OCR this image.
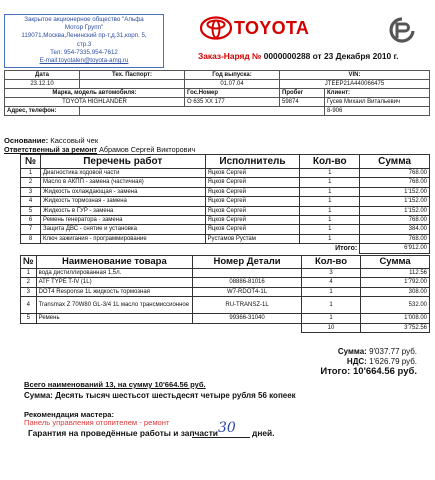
Закрытое акционерное общество "Альфа
Мотор Групп"
119071,Москва,Ленинский пр-т,д.31,корп. 5,
стр.3
Тел: 954-7335,954-7612
E-mail:toyotalen@toyota-amg.ru
TOYOTA
Заказ-Наряд № 0000000288 от 23 Декабря 2010 г.
Дата	Тех. Паспорт:	Год выпуска:	VIN:	
23.12.10		01.07.04	JTEEP21A440066475	
Марка, модель автомобиля:		Гос.Номер	Пробег	Клиент:
TOYOTA HIGHLANDER		О 635 ХХ 177	59874	Гусев Михаил Витальевич
Адрес, телефон:				8-906
Основание: Кассовый чек
Ответственный за ремонт Абрамов Сергей Викторович
№	Перечень работ	Исполнитель	Кол-во	Сумма
1	Диагностика ходовой части	Яцков Сергей	1	768.00
2	Масло в АКПП - замена (частичная)	Яцков Сергей	1	768.00
3	Жидкость охлаждающая - замена	Яцков Сергей	1	1'152.00
4	Жидкость тормозная - замена	Яцков Сергей	1	1'152.00
5	Жидкость в ГУР - замена	Яцков Сергей	1	1'152.00
6	Ремень генератора - замена	Яцков Сергей	1	768.00
7	Защита ДВС - снятие и установка	Яцков Сергей	1	384.00
8	Ключ зажигания - программирование	Рустамов Рустам	1	768.00
			Итого:	6'912.00
№	Наименование товара	Номер Детали	Кол-во	Сумма
1	вода дистиллированная 1,5л.		3	112.56
2	ATF TYPE T-IV (1L)	08886-81016	4	1'792.00
3	DOT4 Response 1L жидкость тормозная	W7-RDOT4-1L	1	308.00
4	Transmax Z 70W80 GL-3/4 1L масло трансмиссионное	RU-TRANSZ-1L	1	532.00
5	Ремень	99366-31040	1	1'008.00
			10	3'752.56
Сумма: 9'037.77 руб.
НДС: 1'626.79 руб.
Итого: 10'664.56 руб.
Всего наименований 13, на сумму 10'664.56 руб.
Сумма: Десять тысяч шестьсот шестьдесят четыре рубля 56 копеек
Рекомендация мастера:
Панель управления отопителем - ремонт
Гарантия на проведённые работы и запчасти 30 дней.
